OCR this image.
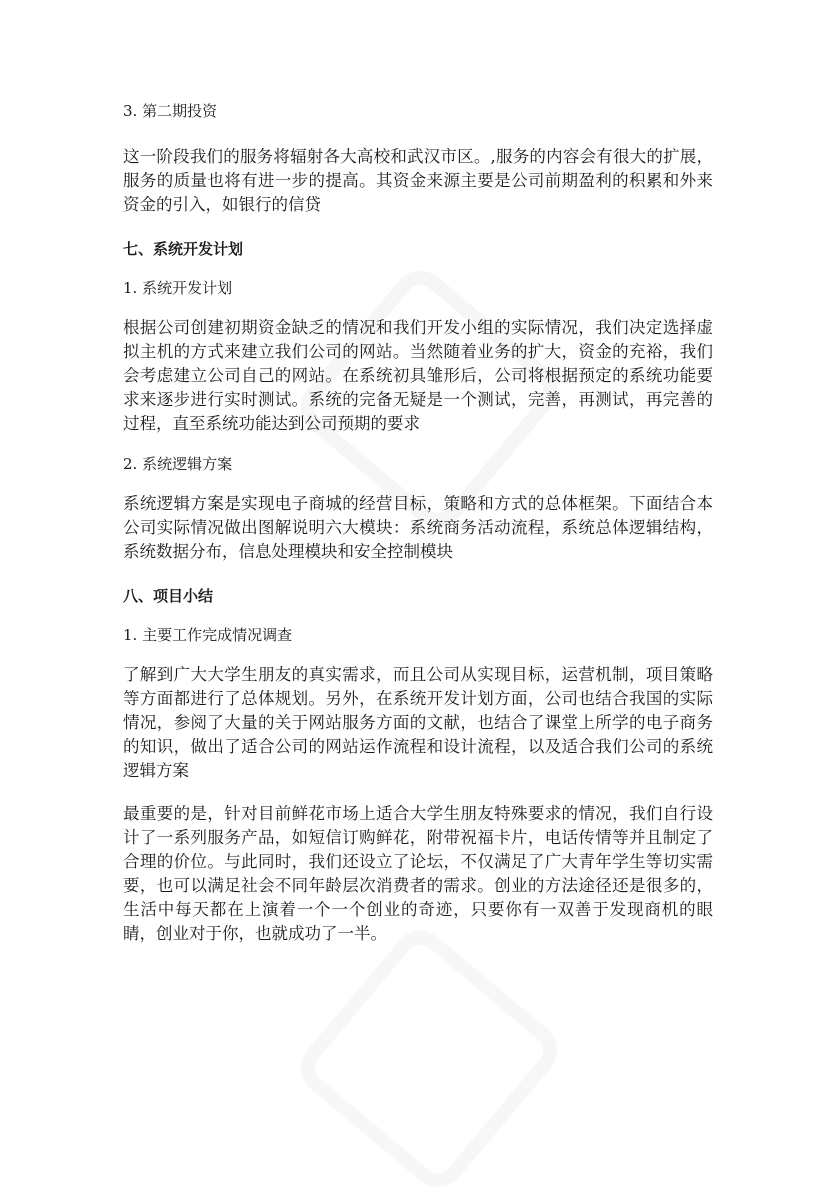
3. 第二期投资

这一阶段我们的服务将辐射各大高校和武汉市区。,服务的内容会有很大的扩展，服务的质量也将有进一步的提高。其资金来源主要是公司前期盈利的积累和外来资金的引入，如银行的信贷

七、系统开发计划

1. 系统开发计划

根据公司创建初期资金缺乏的情况和我们开发小组的实际情况，我们决定选择虚拟主机的方式来建立我们公司的网站。当然随着业务的扩大，资金的充裕，我们会考虑建立公司自己的网站。在系统初具雏形后，公司将根据预定的系统功能要求来逐步进行实时测试。系统的完备无疑是一个测试，完善，再测试，再完善的过程，直至系统功能达到公司预期的要求

2. 系统逻辑方案

系统逻辑方案是实现电子商城的经营目标，策略和方式的总体框架。下面结合本公司实际情况做出图解说明六大模块：系统商务活动流程，系统总体逻辑结构，系统数据分布，信息处理模块和安全控制模块

八、项目小结

1. 主要工作完成情况调查

了解到广大大学生朋友的真实需求，而且公司从实现目标，运营机制，项目策略等方面都进行了总体规划。另外，在系统开发计划方面，公司也结合我国的实际情况，参阅了大量的关于网站服务方面的文献，也结合了课堂上所学的电子商务的知识，做出了适合公司的网站运作流程和设计流程，以及适合我们公司的系统逻辑方案

最重要的是，针对目前鲜花市场上适合大学生朋友特殊要求的情况，我们自行设计了一系列服务产品，如短信订购鲜花，附带祝福卡片，电话传情等并且制定了合理的价位。与此同时，我们还设立了论坛，不仅满足了广大青年学生等切实需要，也可以满足社会不同年龄层次消费者的需求。创业的方法途径还是很多的，生活中每天都在上演着一个一个创业的奇迹，只要你有一双善于发现商机的眼睛，创业对于你，也就成功了一半。
